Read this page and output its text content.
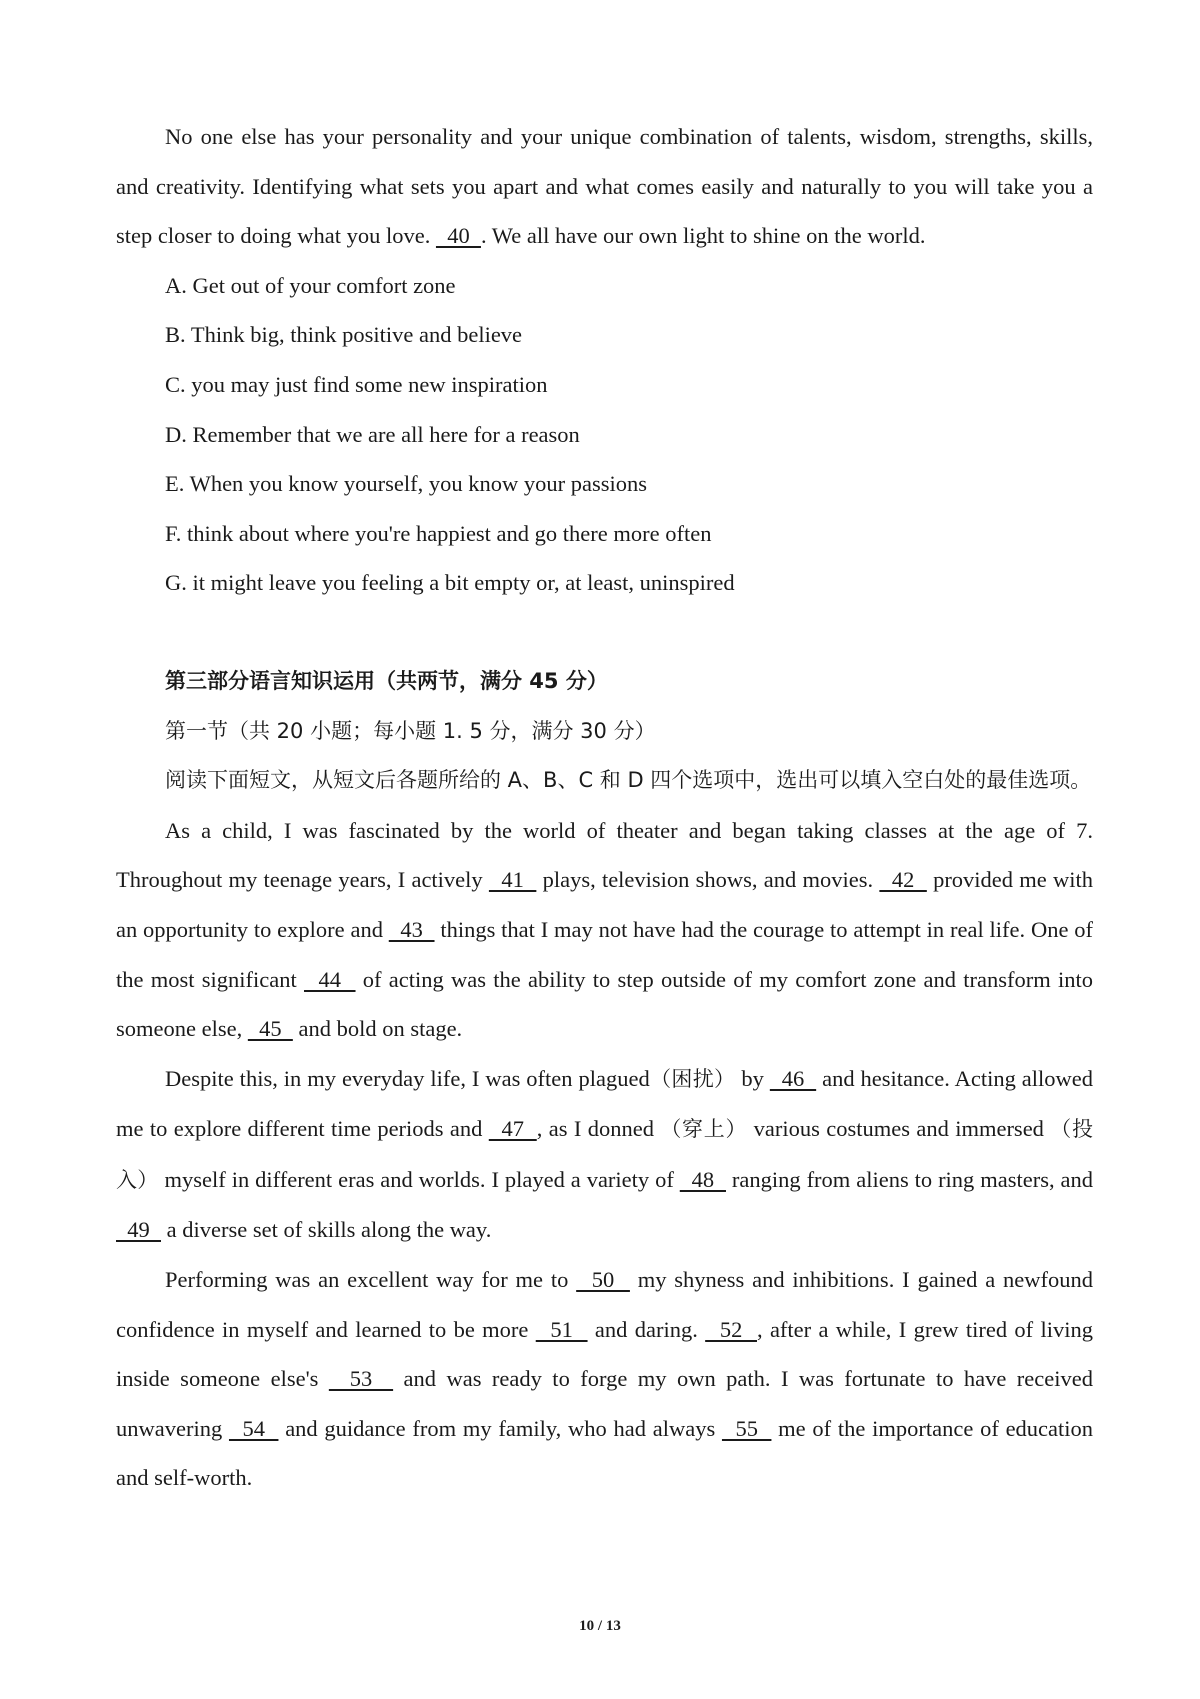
No one else has your personality and your unique combination of talents, wisdom, strengths, skills, and creativity. Identifying what sets you apart and what comes easily and naturally to you will take you a step closer to doing what you love.   40  . We all have our own light to shine on the world.

A. Get out of your comfort zone

B. Think big, think positive and believe

C. you may just find some new inspiration

D. Remember that we are all here for a reason

E. When you know yourself, you know your passions

F. think about where you're happiest and go there more often

G. it might leave you feeling a bit empty or, at least, uninspired

第三部分语言知识运用（共两节，满分 45 分）

第一节（共 20 小题；每小题 1. 5 分，满分 30 分）

阅读下面短文，从短文后各题所给的 A、B、C 和 D 四个选项中，选出可以填入空白处的最佳选项。

As a child, I was fascinated by the world of theater and began taking classes at the age of 7. Throughout my teenage years, I actively   41   plays, television shows, and movies.   42   provided me with an opportunity to explore and   43   things that I may not have had the courage to attempt in real life. One of the most significant   44   of acting was the ability to step outside of my comfort zone and transform into someone else,   45   and bold on stage.

Despite this, in my everyday life, I was often plagued（困扰） by   46   and hesitance. Acting allowed me to explore different time periods and   47  , as I donned （穿上） various costumes and immersed （投入） myself in different eras and worlds. I played a variety of   48   ranging from aliens to ring masters, and   49   a diverse set of skills along the way.

Performing was an excellent way for me to   50   my shyness and inhibitions. I gained a newfound confidence in myself and learned to be more   51   and daring.   52  , after a while, I grew tired of living inside someone else's   53   and was ready to forge my own path. I was fortunate to have received unwavering   54   and guidance from my family, who had always   55   me of the importance of education and self-worth.

10 / 13
